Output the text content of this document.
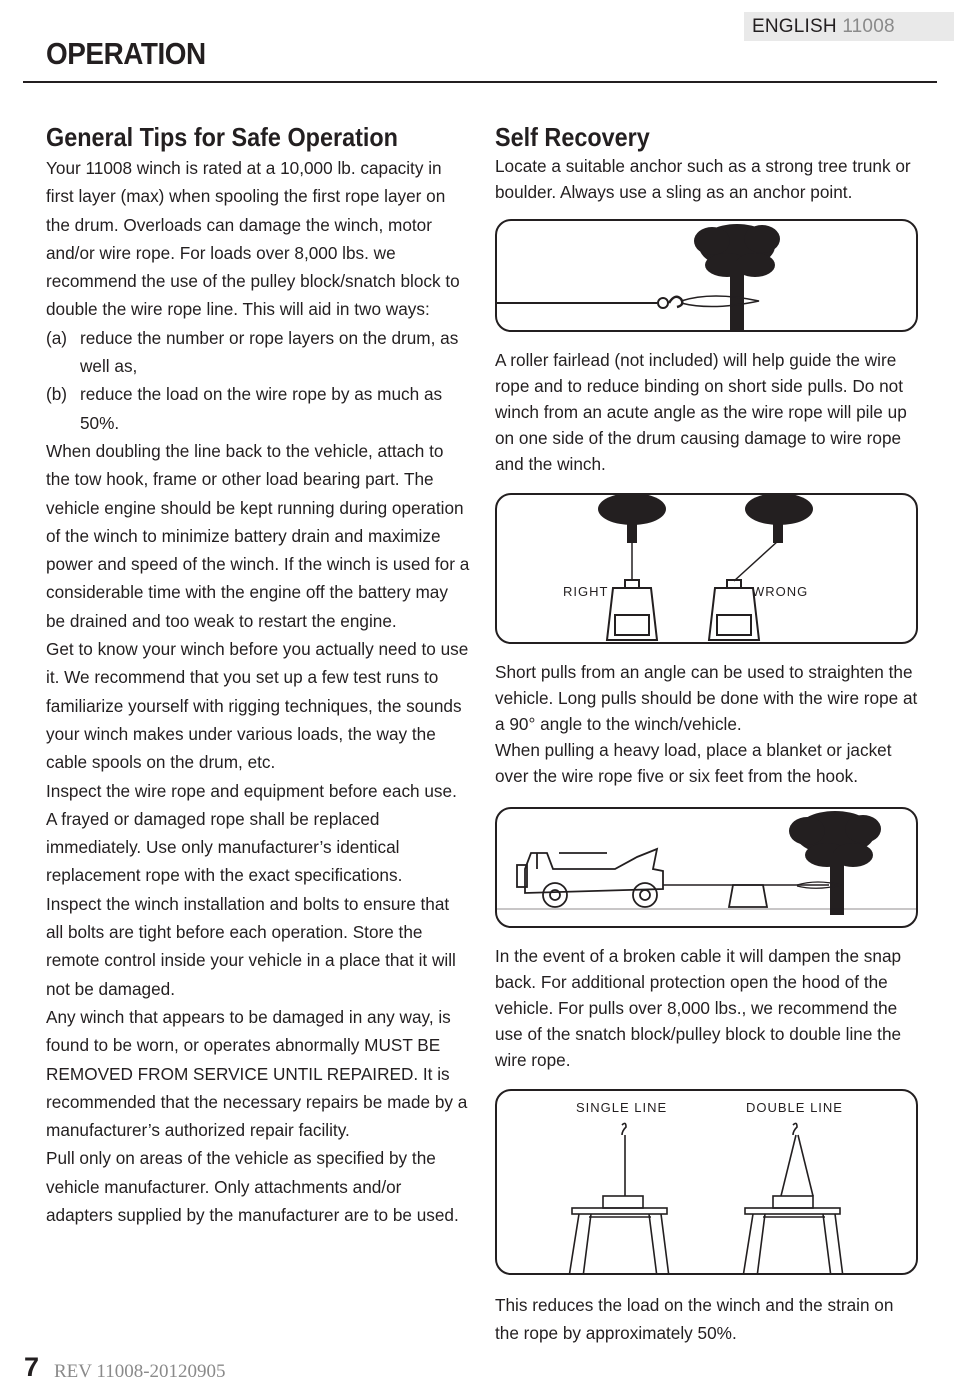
ENGLISH 11008
OPERATION
General Tips for Safe Operation

Your 11008 winch is rated at a 10,000 lb. capacity in first layer (max) when spooling the first rope layer on the drum. Overloads can damage the winch, motor and/or wire rope. For loads over 8,000 lbs. we recommend the use of the pulley block/snatch block to double the wire rope line. This will aid in two ways:

(a) reduce the number or rope layers on the drum, as well as,
(b) reduce the load on the wire rope by as much as 50%.

When doubling the line back to the vehicle, attach to the tow hook, frame or other load bearing part. The vehicle engine should be kept running during operation of the winch to minimize battery drain and maximize power and speed of the winch. If the winch is used for a considerable time with the engine off the battery may be drained and too weak to restart the engine.

Get to know your winch before you actually need to use it. We recommend that you set up a few test runs to familiarize yourself with rigging techniques, the sounds your winch makes under various loads, the way the cable spools on the drum, etc.

Inspect the wire rope and equipment before each use. A frayed or damaged rope shall be replaced immediately. Use only manufacturer’s identical replacement rope with the exact specifications.

Inspect the winch installation and bolts to ensure that all bolts are tight before each operation. Store the remote control inside your vehicle in a place that it will not be damaged.

Any winch that appears to be damaged in any way, is found to be worn, or operates abnormally MUST BE REMOVED FROM SERVICE UNTIL REPAIRED. It is recommended that the necessary repairs be made by a manufacturer’s authorized repair facility.

Pull only on areas of the vehicle as specified by the vehicle manufacturer. Only attachments and/or adapters supplied by the manufacturer are to be used.

Self Recovery
Locate a suitable anchor such as a strong tree trunk or boulder. Always use a sling as an anchor point.
A roller fairlead (not included) will help guide the wire rope and to reduce binding on short side pulls. Do not winch from an acute angle as the wire rope will pile up on one side of the drum causing damage to wire rope and the winch.
RIGHT	WRONG
Short pulls from an angle can be used to straighten the vehicle. Long pulls should be done with the wire rope at a 90° angle to the winch/vehicle.
When pulling a heavy load, place a blanket or jacket over the wire rope five or six feet from the hook.
In the event of a broken cable it will dampen the snap back. For additional protection open the hood of the vehicle. For pulls over 8,000 lbs., we recommend the use of the snatch block/pulley block to double line the wire rope.
SINGLE LINE	DOUBLE LINE
This reduces the load on the winch and the strain on the rope by approximately 50%.
7 REV 11008-20120905
